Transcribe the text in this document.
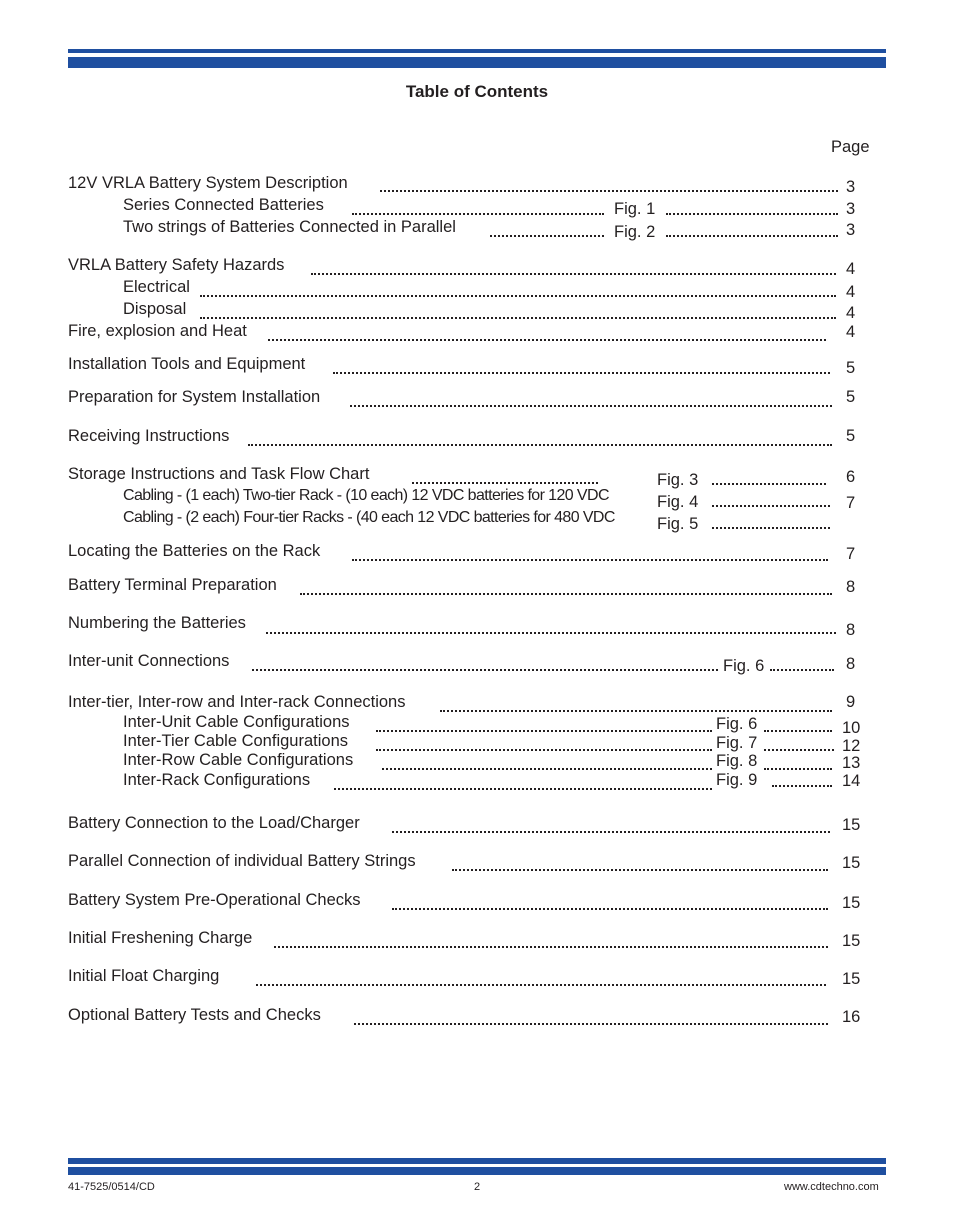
Table of Contents
Page
12V VRLA Battery System Description	3
Series Connected Batteries	Fig. 1	3
Two strings of Batteries Connected in Parallel	Fig. 2	3
VRLA Battery Safety Hazards	4
Electrical	4
Disposal	4
Fire, explosion and Heat	4
Installation Tools and Equipment	5
Preparation for System Installation	5
Receiving Instructions	5
Storage Instructions and Task Flow Chart	Fig. 3	6
Cabling - (1 each) Two-tier Rack - (10 each) 12 VDC batteries for 120 VDC	Fig. 4	7
Cabling - (2 each) Four-tier Racks - (40 each 12 VDC batteries for 480 VDC	Fig. 5
Locating the Batteries on the Rack	7
Battery Terminal Preparation	8
Numbering the Batteries	8
Inter-unit Connections	Fig. 6	8
Inter-tier, Inter-row and Inter-rack Connections	9
Inter-Unit Cable Configurations	Fig. 6	10
Inter-Tier Cable Configurations	Fig. 7	12
Inter-Row Cable Configurations	Fig. 8	13
Inter-Rack Configurations	Fig. 9	14
Battery Connection to the Load/Charger	15
Parallel Connection of individual Battery Strings	15
Battery System Pre-Operational Checks	15
Initial Freshening Charge	15
Initial Float Charging	15
Optional Battery Tests and Checks	16
41-7525/0514/CD	2	www.cdtechno.com
